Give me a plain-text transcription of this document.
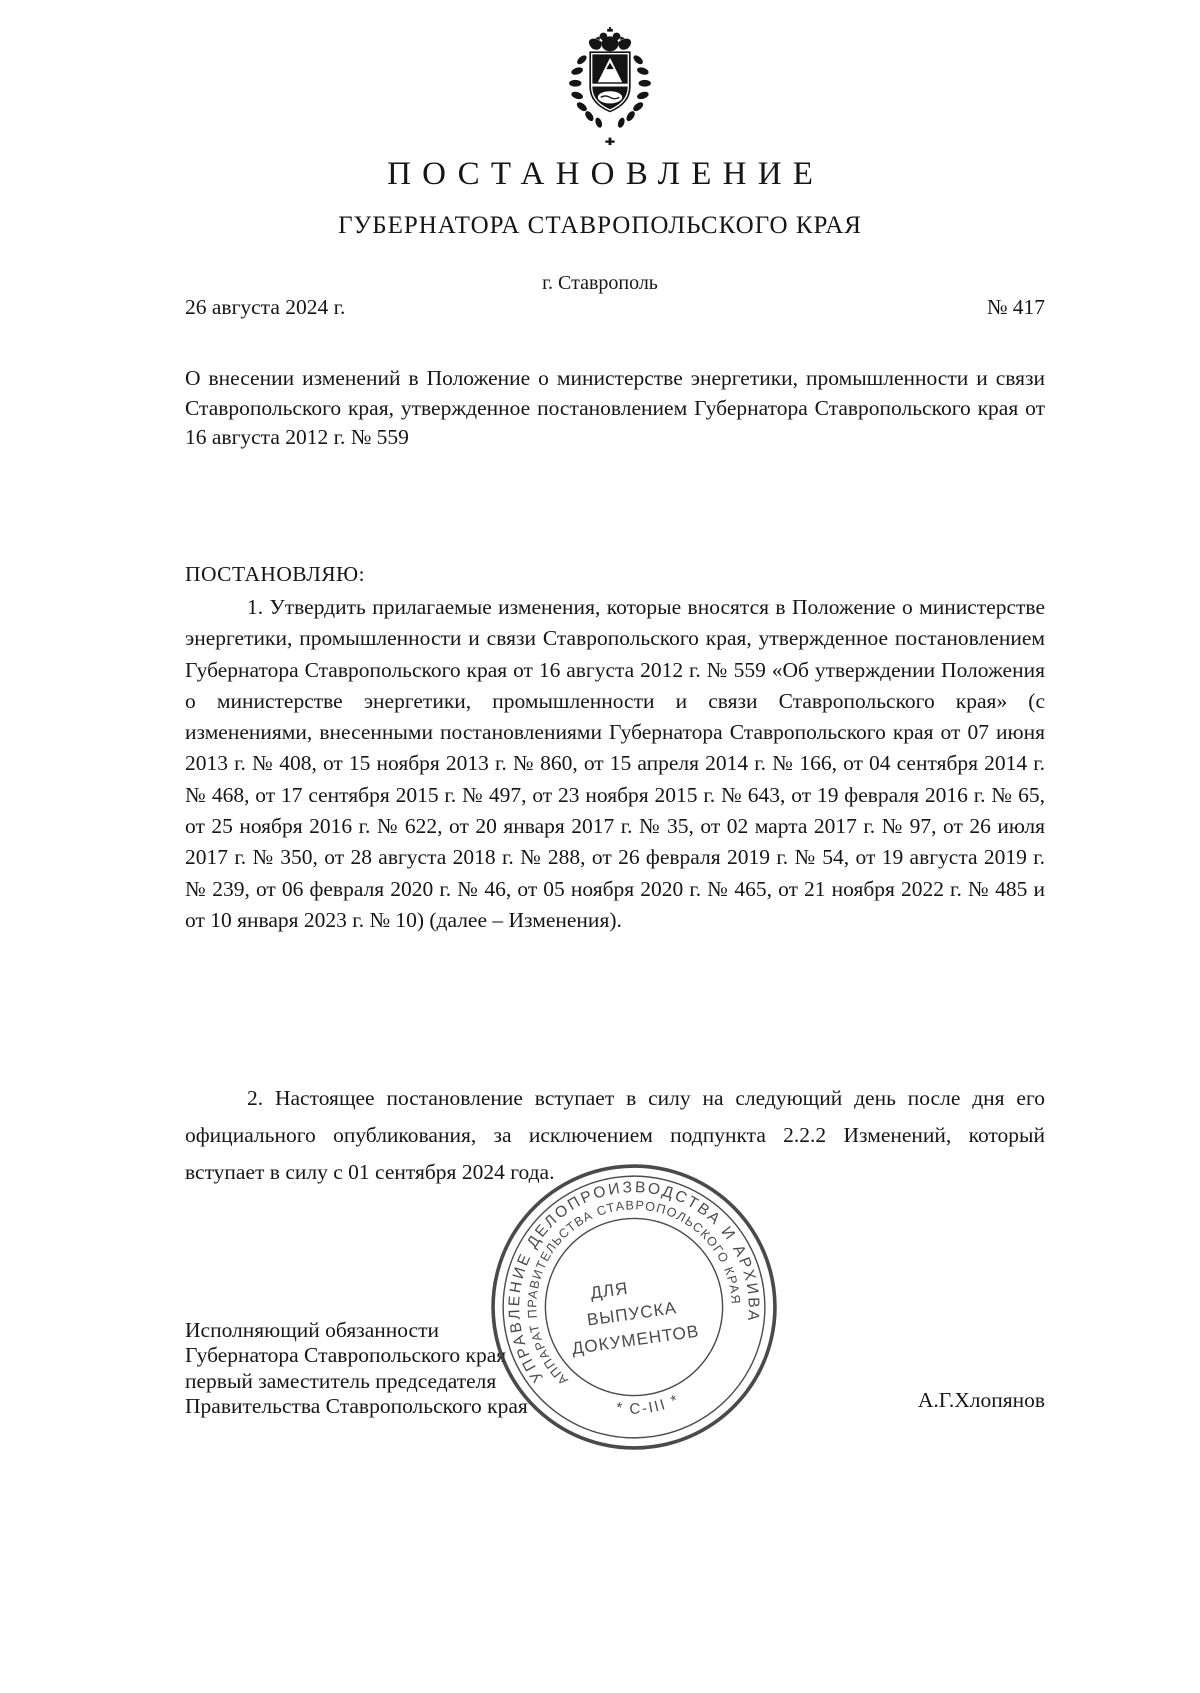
ПОСТАНОВЛЕНИЕ
ГУБЕРНАТОРА СТАВРОПОЛЬСКОГО КРАЯ
г. Ставрополь
26 августа 2024 г.	№ 417
О внесении изменений в Положение о министерстве энергетики, промышленности и связи Ставропольского края, утвержденное постановлением Губернатора Ставропольского края от 16 августа 2012 г. № 559
ПОСТАНОВЛЯЮ:
1. Утвердить прилагаемые изменения, которые вносятся в Положение о министерстве энергетики, промышленности и связи Ставропольского края, утвержденное постановлением Губернатора Ставропольского края от 16 августа 2012 г. № 559 «Об утверждении Положения о министерстве энергетики, промышленности и связи Ставропольского края» (с изменениями, внесенными постановлениями Губернатора Ставропольского края от 07 июня 2013 г. № 408, от 15 ноября 2013 г. № 860, от 15 апреля 2014 г. № 166, от 04 сентября 2014 г. № 468, от 17 сентября 2015 г. № 497, от 23 ноября 2015 г. № 643, от 19 февраля 2016 г. № 65, от 25 ноября 2016 г. № 622, от 20 января 2017 г. № 35, от 02 марта 2017 г. № 97, от 26 июля 2017 г. № 350, от 28 августа 2018 г. № 288, от 26 февраля 2019 г. № 54, от 19 августа 2019 г. № 239, от 06 февраля 2020 г. № 46, от 05 ноября 2020 г. № 465, от 21 ноября 2022 г. № 485 и от 10 января 2023 г. № 10) (далее – Изменения).
2. Настоящее постановление вступает в силу на следующий день после дня его официального опубликования, за исключением подпункта 2.2.2 Изменений, который вступает в силу с 01 сентября 2024 года.
Исполняющий обязанности
Губернатора Ставропольского края
первый заместитель председателя
Правительства Ставропольского края	А.Г.Хлопянов
УПРАВЛЕНИЕ ДЕЛОПРОИЗВОДСТВА И АРХИВА
АППАРАТ ПРАВИТЕЛЬСТВА СТАВРОПОЛЬСКОГО КРАЯ
* С-III *
ДЛЯ
ВЫПУСКА
ДОКУМЕНТОВ
